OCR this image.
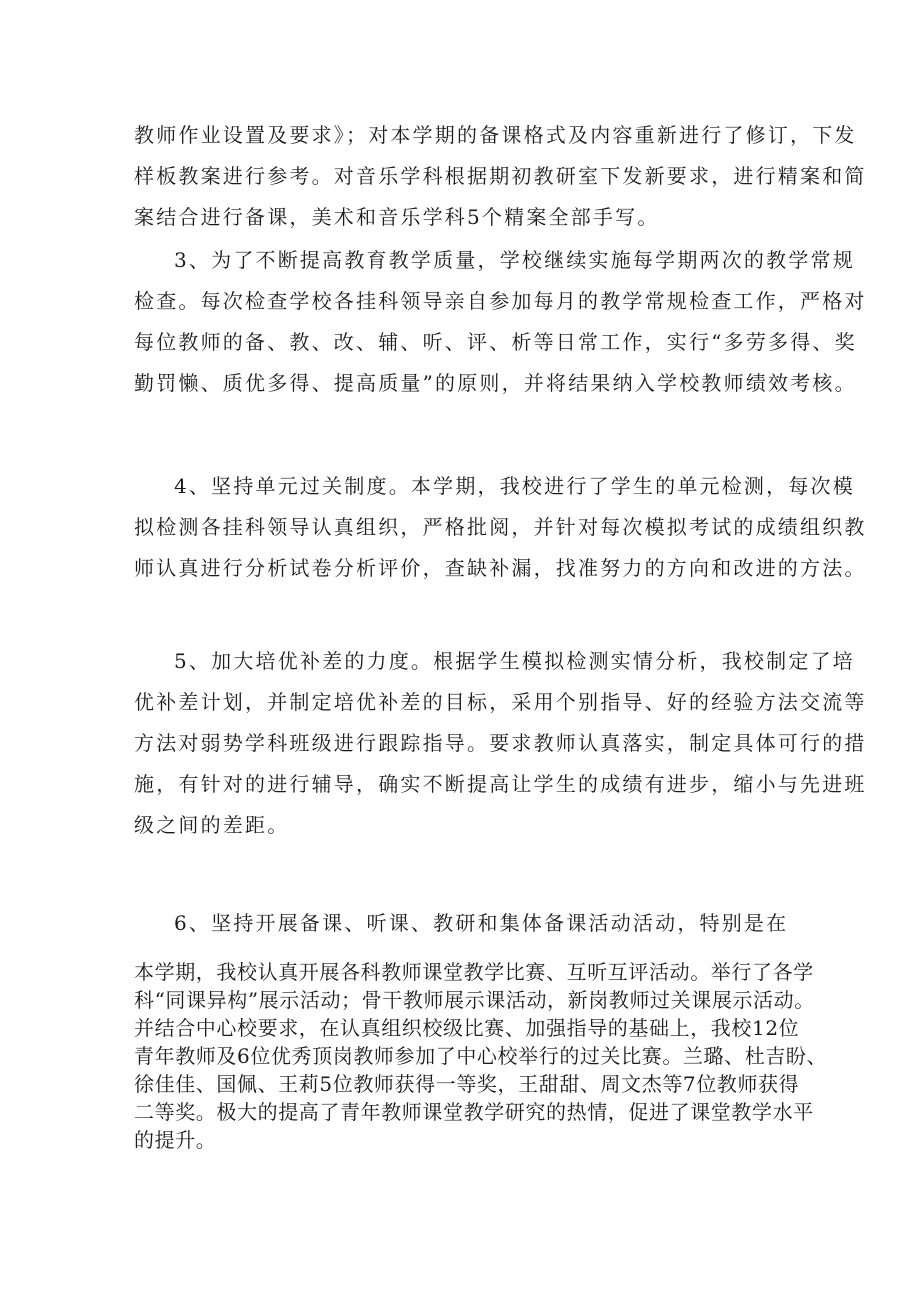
教师作业设置及要求》；对本学期的备课格式及内容重新进行了修订，下发
样板教案进行参考。对音乐学科根据期初教研室下发新要求，进行精案和简
案结合进行备课，美术和音乐学科5个精案全部手写。
3、为了不断提高教育教学质量，学校继续实施每学期两次的教学常规
检查。每次检查学校各挂科领导亲自参加每月的教学常规检查工作，严格对
每位教师的备、教、改、辅、听、评、析等日常工作，实行“多劳多得、奖
勤罚懒、质优多得、提高质量”的原则，并将结果纳入学校教师绩效考核。
4、坚持单元过关制度。本学期，我校进行了学生的单元检测，每次模
拟检测各挂科领导认真组织，严格批阅，并针对每次模拟考试的成绩组织教
师认真进行分析试卷分析评价，查缺补漏，找准努力的方向和改进的方法。
5、加大培优补差的力度。根据学生模拟检测实情分析，我校制定了培
优补差计划，并制定培优补差的目标，采用个别指导、好的经验方法交流等
方法对弱势学科班级进行跟踪指导。要求教师认真落实，制定具体可行的措
施，有针对的进行辅导，确实不断提高让学生的成绩有进步，缩小与先进班
级之间的差距。
6、坚持开展备课、听课、教研和集体备课活动活动，特别是在
本学期，我校认真开展各科教师课堂教学比赛、互听互评活动。举行了各学
科“同课异构”展示活动；骨干教师展示课活动，新岗教师过关课展示活动。
并结合中心校要求，在认真组织校级比赛、加强指导的基础上，我校12位
青年教师及6位优秀顶岗教师参加了中心校举行的过关比赛。兰璐、杜吉盼、
徐佳佳、国佩、王莉5位教师获得一等奖，王甜甜、周文杰等7位教师获得
二等奖。极大的提高了青年教师课堂教学研究的热情，促进了课堂教学水平
的提升。
